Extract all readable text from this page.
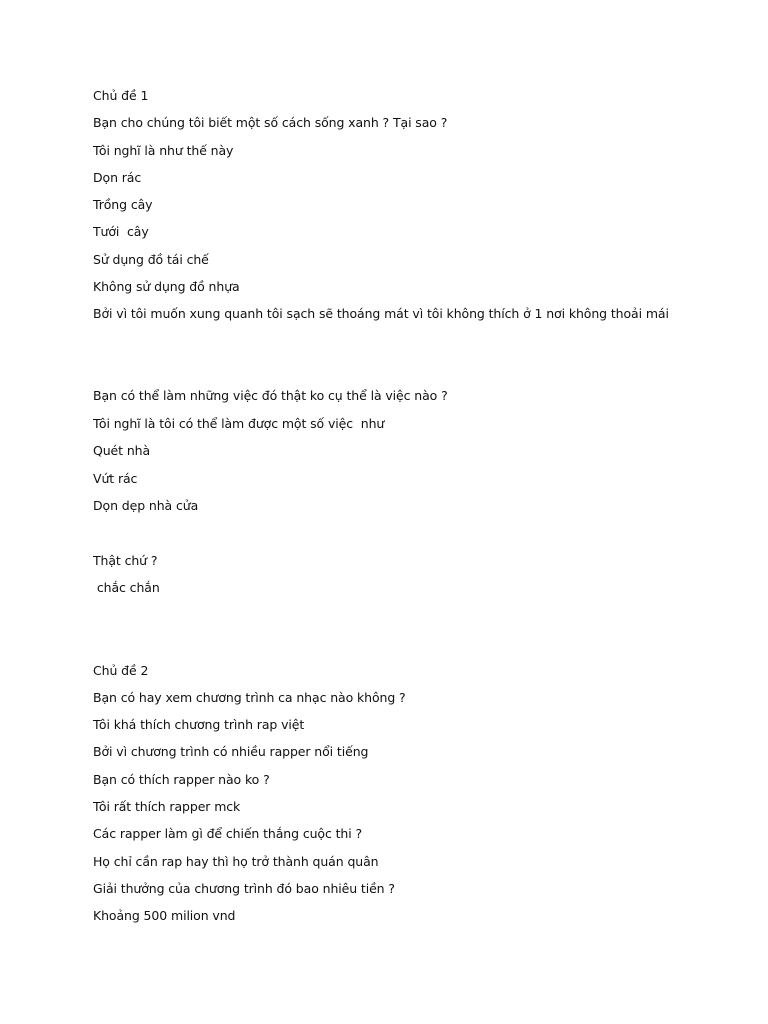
Chủ đề 1
Bạn cho chúng tôi biết một số cách sống xanh ? Tại sao ?
Tôi nghĩ là như thế này
Dọn rác
Trồng cây
Tưới  cây
Sử dụng đồ tái chế
Không sử dụng đồ nhựa
Bởi vì tôi muốn xung quanh tôi sạch sẽ thoáng mát vì tôi không thích ở 1 nơi không thoải mái
Bạn có thể làm những việc đó thật ko cụ thể là việc nào ?
Tôi nghĩ là tôi có thể làm được một số việc  như
Quét nhà
Vứt rác
Dọn dẹp nhà cửa
Thật chứ ?
chắc chắn
Chủ đề 2
Bạn có hay xem chương trình ca nhạc nào không ?
Tôi khá thích chương trình rap việt
Bởi vì chương trình có nhiều rapper nổi tiếng
Bạn có thích rapper nào ko ?
Tôi rất thích rapper mck
Các rapper làm gì để chiến thắng cuộc thi ?
Họ chỉ cần rap hay thì họ trở thành quán quân
Giải thưởng của chương trình đó bao nhiêu tiền ?
Khoảng 500 milion vnd
